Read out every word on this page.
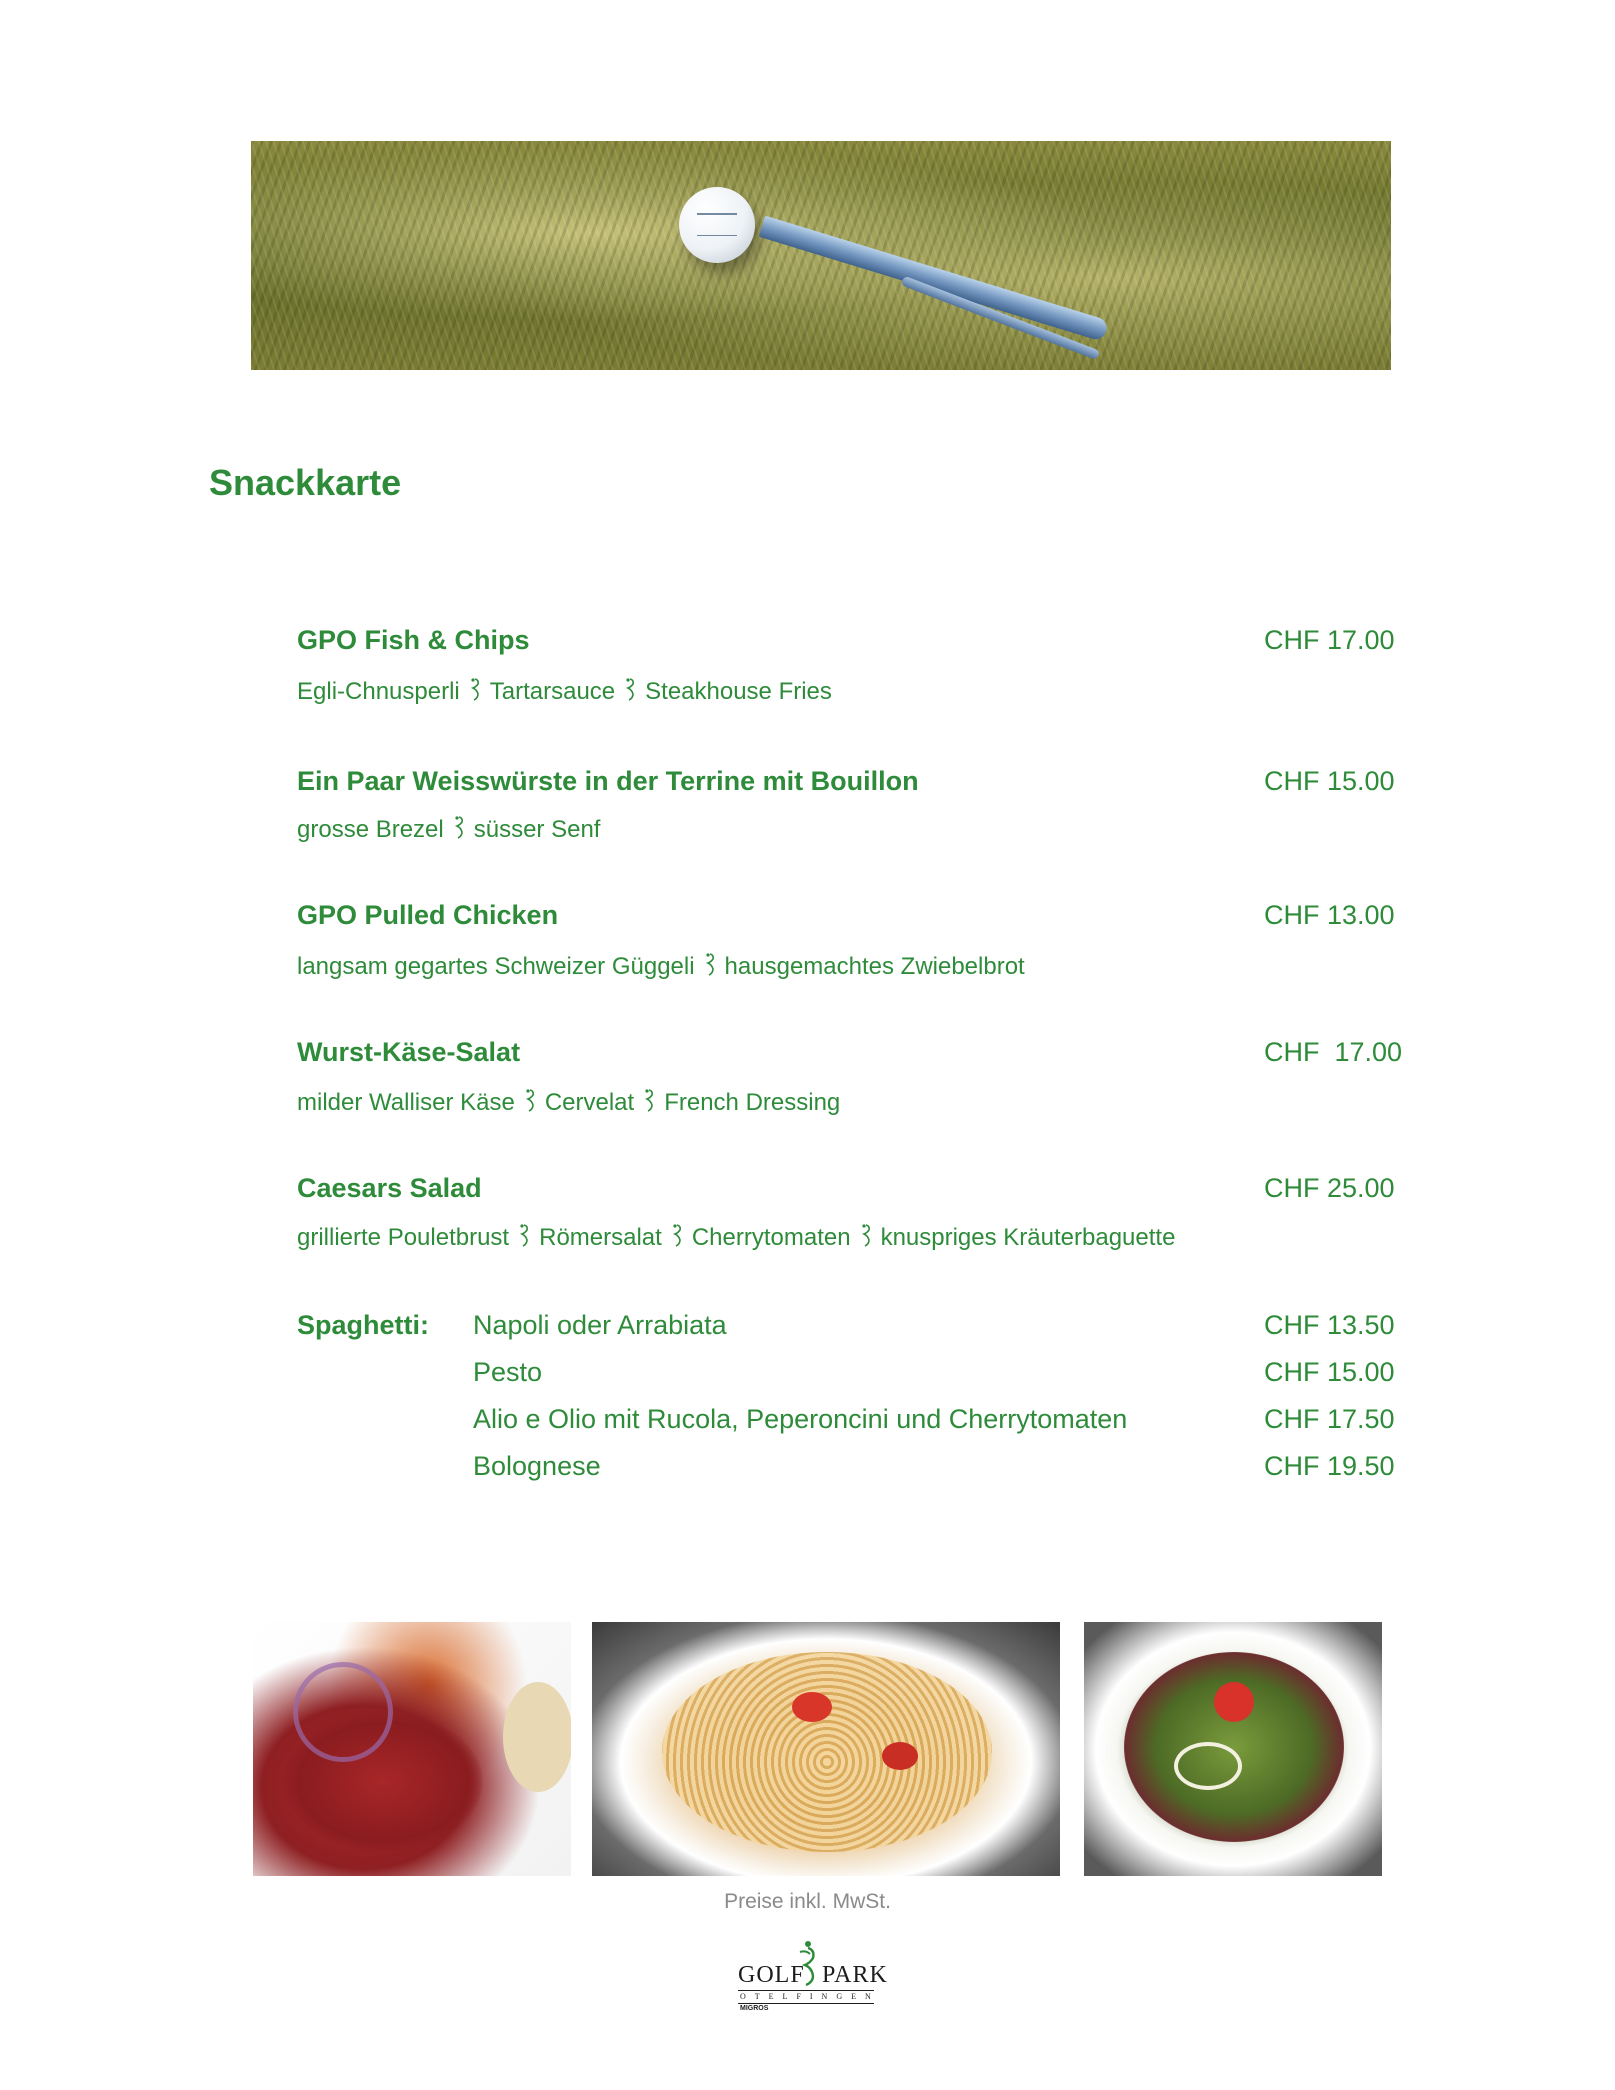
Snackkarte
GPO Fish & Chips	CHF 17.00
Egli-Chnusperli Tartarsauce Steakhouse Fries
Ein Paar Weisswürste in der Terrine mit Bouillon	CHF 15.00
grosse Brezel süsser Senf
GPO Pulled Chicken	CHF 13.00
langsam gegartes Schweizer Güggeli hausgemachtes Zwiebelbrot
Wurst-Käse-Salat	CHF  17.00
milder Walliser Käse Cervelat French Dressing
Caesars Salad	CHF 25.00
grillierte Pouletbrust Römersalat Cherrytomaten knuspriges Kräuterbaguette
Spaghetti: Napoli oder Arrabiata	CHF 13.50
Pesto	CHF 15.00
Alio e Olio mit Rucola, Peperoncini und Cherrytomaten	CHF 17.50
Bolognese	CHF 19.50
Preise inkl. MwSt.
GOLF PARK
OTELFINGEN
MIGROS
